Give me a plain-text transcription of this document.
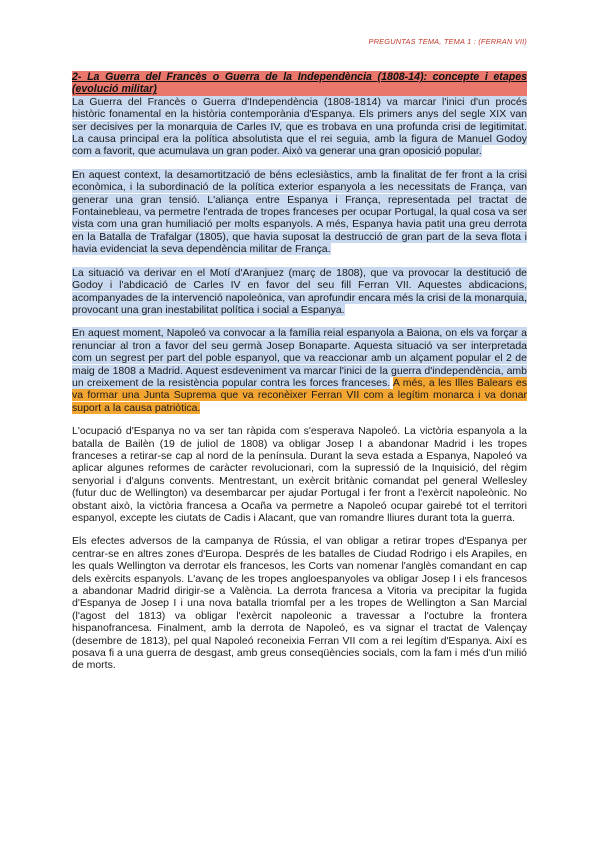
PREGUNTAS TEMA, TEMA 1 : (FERRAN VII)

2- La Guerra del Francès o Guerra de la Independència (1808-14): concepte i etapes (evolució militar)

La Guerra del Francès o Guerra d'Independència (1808-1814) va marcar l'inici d'un procés històric fonamental en la història contemporània d'Espanya. Els primers anys del segle XIX van ser decisives per la monarquia de Carles IV, que es trobava en una profunda crisi de legitimitat. La causa principal era la política absolutista que el rei seguia, amb la figura de Manuel Godoy com a favorit, que acumulava un gran poder. Això va generar una gran oposició popular.

En aquest context, la desamortització de béns eclesiàstics, amb la finalitat de fer front a la crisi econòmica, i la subordinació de la política exterior espanyola a les necessitats de França, van generar una gran tensió. L'aliança entre Espanya i França, representada pel tractat de Fontainebleau, va permetre l'entrada de tropes franceses per ocupar Portugal, la qual cosa va ser vista com una gran humiliació per molts espanyols. A més, Espanya havia patit una greu derrota en la Batalla de Trafalgar (1805), que havia suposat la destrucció de gran part de la seva flota i havia evidenciat la seva dependència militar de França.

La situació va derivar en el Motí d'Aranjuez (març de 1808), que va provocar la destitució de Godoy i l'abdicació de Carles IV en favor del seu fill Ferran VII. Aquestes abdicacions, acompanyades de la intervenció napoleònica, van aprofundir encara més la crisi de la monarquia, provocant una gran inestabilitat política i social a Espanya.

En aquest moment, Napoleó va convocar a la família reial espanyola a Baiona, on els va forçar a renunciar al tron a favor del seu germà Josep Bonaparte. Aquesta situació va ser interpretada com un segrest per part del poble espanyol, que va reaccionar amb un alçament popular el 2 de maig de 1808 a Madrid. Aquest esdeveniment va marcar l'inici de la guerra d'independència, amb un creixement de la resistència popular contra les forces franceses. A més, a les Illes Balears es va formar una Junta Suprema que va reconèixer Ferran VII com a legítim monarca i va donar suport a la causa patriòtica.

L'ocupació d'Espanya no va ser tan ràpida com s'esperava Napoleó. La victòria espanyola a la batalla de Bailèn (19 de juliol de 1808) va obligar Josep I a abandonar Madrid i les tropes franceses a retirar-se cap al nord de la península. Durant la seva estada a Espanya, Napoleó va aplicar algunes reformes de caràcter revolucionari, com la supressió de la Inquisició, del règim senyorial i d'alguns convents. Mentrestant, un exèrcit britànic comandat pel general Wellesley (futur duc de Wellington) va desembarcar per ajudar Portugal i fer front a l'exèrcit napoleònic. No obstant això, la victòria francesa a Ocaña va permetre a Napoleó ocupar gairebé tot el territori espanyol, excepte les ciutats de Cadis i Alacant, que van romandre lliures durant tota la guerra.

Els efectes adversos de la campanya de Rússia, el van obligar a retirar tropes d'Espanya per centrar-se en altres zones d'Europa. Després de les batalles de Ciudad Rodrigo i els Arapiles, en les quals Wellington va derrotar els francesos, les Corts van nomenar l'anglès comandant en cap dels exèrcits espanyols. L'avanç de les tropes angloespanyoles va obligar Josep I i els francesos a abandonar Madrid dirigir-se a València. La derrota francesa a Vitoria va precipitar la fugida d'Espanya de Josep I i una nova batalla triomfal per a les tropes de Wellington a San Marcial (l'agost del 1813) va obligar l'exèrcit napoleonic a travessar a l'octubre la frontera hispanofrancesa. Finalment, amb la derrota de Napoleó, es va signar el tractat de Valençay (desembre de 1813), pel qual Napoleó reconeixia Ferran VII com a rei legítim d'Espanya. Així es posava fi a una guerra de desgast, amb greus conseqüències socials, com la fam i més d'un milió de morts.
